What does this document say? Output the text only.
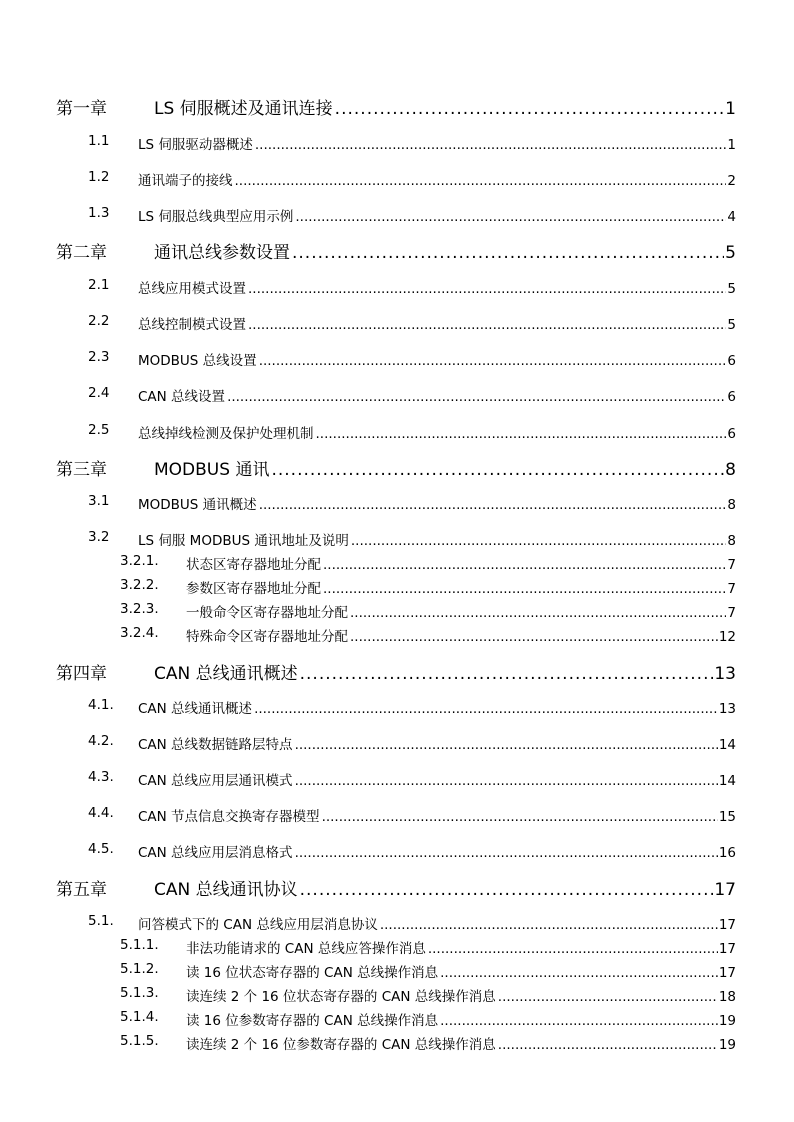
第一章	LS 伺服概述及通讯连接 .....	1
1.1 LS 伺服驱动器概述 .....	1
1.2 通讯端子的接线 .....	2
1.3 LS 伺服总线典型应用示例 .....	4
第二章	通讯总线参数设置 .....	5
2.1 总线应用模式设置 .....	5
2.2 总线控制模式设置 .....	5
2.3 MODBUS 总线设置 .....	6
2.4 CAN 总线设置 .....	6
2.5 总线掉线检测及保护处理机制 .....	6
第三章	MODBUS 通讯 .....	8
3.1 MODBUS 通讯概述 .....	8
3.2 LS 伺服 MODBUS 通讯地址及说明 .....	8
3.2.1. 状态区寄存器地址分配 .....	7
3.2.2. 参数区寄存器地址分配 .....	7
3.2.3. 一般命令区寄存器地址分配 .....	7
3.2.4. 特殊命令区寄存器地址分配 .....	12
第四章	CAN 总线通讯概述 .....	13
4.1. CAN 总线通讯概述 .....	13
4.2. CAN 总线数据链路层特点 .....	14
4.3. CAN 总线应用层通讯模式 .....	14
4.4. CAN 节点信息交换寄存器模型 .....	15
4.5. CAN 总线应用层消息格式 .....	16
第五章	CAN 总线通讯协议 .....	17
5.1. 问答模式下的 CAN 总线应用层消息协议 .....	17
5.1.1. 非法功能请求的 CAN 总线应答操作消息 .....	17
5.1.2. 读 16 位状态寄存器的 CAN 总线操作消息 .....	17
5.1.3. 读连续 2 个 16 位状态寄存器的 CAN 总线操作消息 .....	18
5.1.4. 读 16 位参数寄存器的 CAN 总线操作消息 .....	19
5.1.5. 读连续 2 个 16 位参数寄存器的 CAN 总线操作消息 .....	19
